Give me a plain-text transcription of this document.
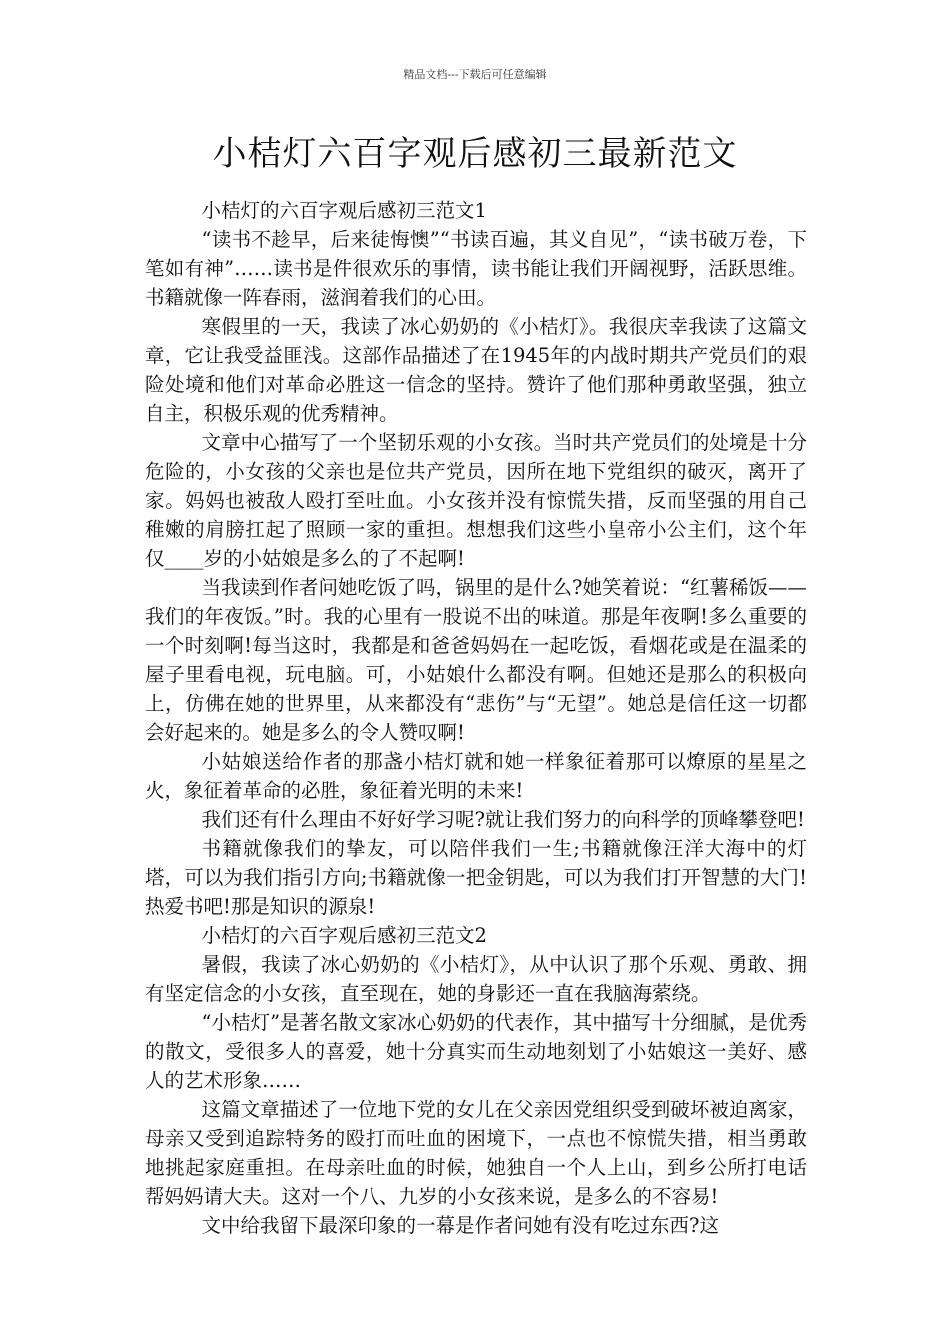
精品文档---下载后可任意编辑
小桔灯六百字观后感初三最新范文

小桔灯的六百字观后感初三范文1

“读书不趁早，后来徒悔懊”“书读百遍，其义自见”，“读书破万卷，下笔如有神”……读书是件很欢乐的事情，读书能让我们开阔视野，活跃思维。书籍就像一阵春雨，滋润着我们的心田。

寒假里的一天，我读了冰心奶奶的《小桔灯》。我很庆幸我读了这篇文章，它让我受益匪浅。这部作品描述了在1945年的内战时期共产党员们的艰险处境和他们对革命必胜这一信念的坚持。赞许了他们那种勇敢坚强，独立自主，积极乐观的优秀精神。

文章中心描写了一个坚韧乐观的小女孩。当时共产党员们的处境是十分危险的，小女孩的父亲也是位共产党员，因所在地下党组织的破灭，离开了家。妈妈也被敌人殴打至吐血。小女孩并没有惊慌失措，反而坚强的用自己稚嫩的肩膀扛起了照顾一家的重担。想想我们这些小皇帝小公主们，这个年仅____岁的小姑娘是多么的了不起啊!

当我读到作者问她吃饭了吗，锅里的是什么?她笑着说：“红薯稀饭——我们的年夜饭。”时。我的心里有一股说不出的味道。那是年夜啊!多么重要的一个时刻啊!每当这时，我都是和爸爸妈妈在一起吃饭，看烟花或是在温柔的屋子里看电视，玩电脑。可，小姑娘什么都没有啊。但她还是那么的积极向上，仿佛在她的世界里，从来都没有“悲伤”与“无望”。她总是信任这一切都会好起来的。她是多么的令人赞叹啊!

小姑娘送给作者的那盏小桔灯就和她一样象征着那可以燎原的星星之火，象征着革命的必胜，象征着光明的未来!

我们还有什么理由不好好学习呢?就让我们努力的向科学的顶峰攀登吧!

书籍就像我们的挚友，可以陪伴我们一生;书籍就像汪洋大海中的灯塔，可以为我们指引方向;书籍就像一把金钥匙，可以为我们打开智慧的大门!热爱书吧!那是知识的源泉!

小桔灯的六百字观后感初三范文2

暑假，我读了冰心奶奶的《小桔灯》，从中认识了那个乐观、勇敢、拥有坚定信念的小女孩，直至现在，她的身影还一直在我脑海萦绕。

“小桔灯”是著名散文家冰心奶奶的代表作，其中描写十分细腻，是优秀的散文，受很多人的喜爱，她十分真实而生动地刻划了小姑娘这一美好、感人的艺术形象……

这篇文章描述了一位地下党的女儿在父亲因党组织受到破坏被迫离家，母亲又受到追踪特务的殴打而吐血的困境下，一点也不惊慌失措，相当勇敢地挑起家庭重担。在母亲吐血的时候，她独自一个人上山，到乡公所打电话帮妈妈请大夫。这对一个八、九岁的小女孩来说，是多么的不容易!

文中给我留下最深印象的一幕是作者问她有没有吃过东西?这
